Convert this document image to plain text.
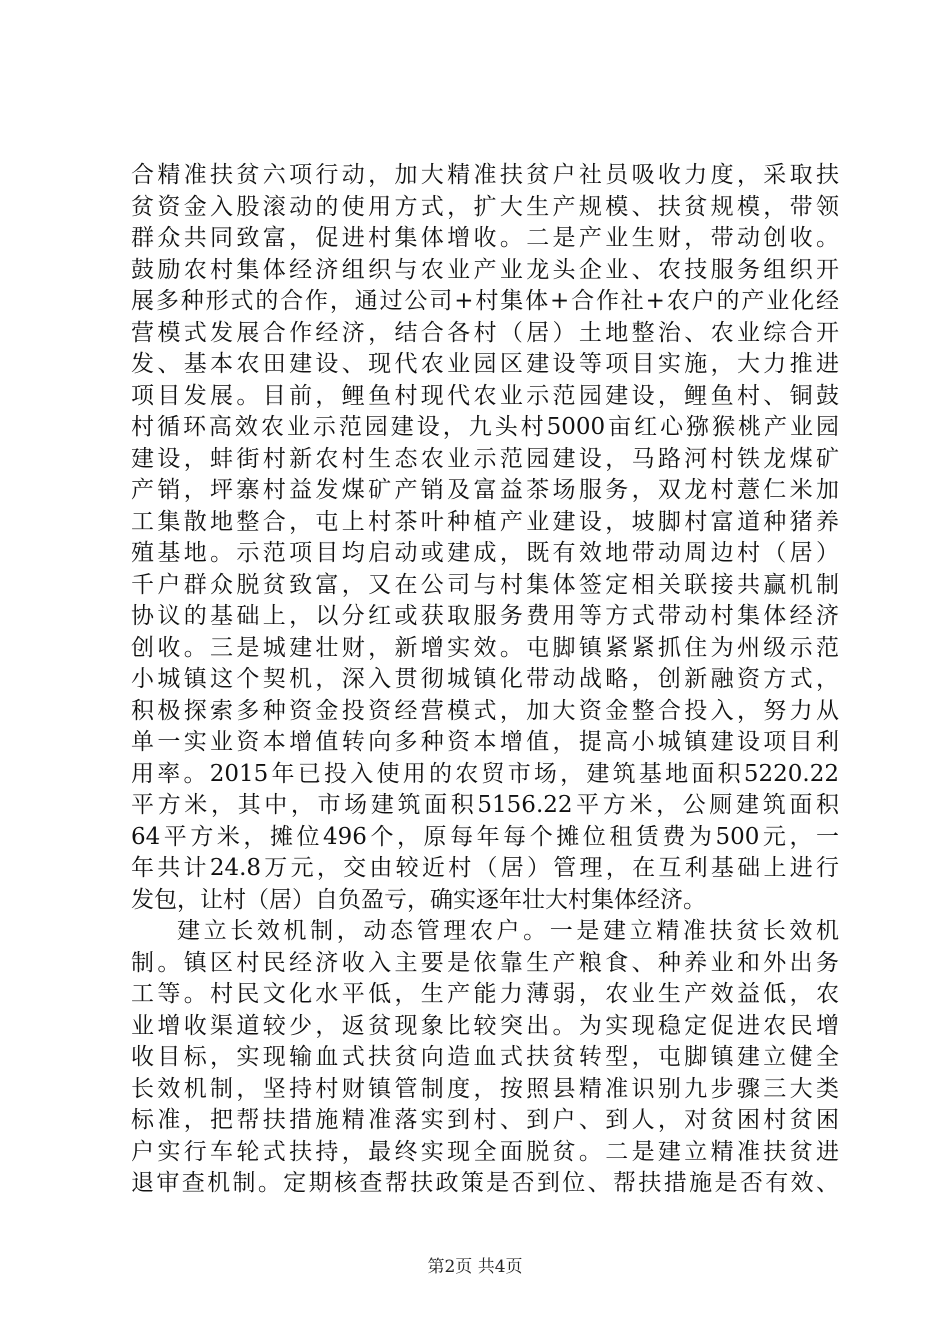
合精准扶贫六项行动，加大精准扶贫户社员吸收力度，采取扶
贫资金入股滚动的使用方式，扩大生产规模、扶贫规模，带领
群众共同致富，促进村集体增收。二是产业生财，带动创收。
鼓励农村集体经济组织与农业产业龙头企业、农技服务组织开
展多种形式的合作，通过公司+村集体+合作社+农户的产业化经
营模式发展合作经济，结合各村（居）土地整治、农业综合开
发、基本农田建设、现代农业园区建设等项目实施，大力推进
项目发展。目前，鲤鱼村现代农业示范园建设，鲤鱼村、铜鼓
村循环高效农业示范园建设，九头村5000亩红心猕猴桃产业园
建设，蚌街村新农村生态农业示范园建设，马路河村铁龙煤矿
产销，坪寨村益发煤矿产销及富益茶场服务，双龙村薏仁米加
工集散地整合，屯上村茶叶种植产业建设，坡脚村富道种猪养
殖基地。示范项目均启动或建成，既有效地带动周边村（居）
千户群众脱贫致富，又在公司与村集体签定相关联接共赢机制
协议的基础上，以分红或获取服务费用等方式带动村集体经济
创收。三是城建壮财，新增实效。屯脚镇紧紧抓住为州级示范
小城镇这个契机，深入贯彻城镇化带动战略，创新融资方式，
积极探索多种资金投资经营模式，加大资金整合投入，努力从
单一实业资本增值转向多种资本增值，提高小城镇建设项目利
用率。2015年已投入使用的农贸市场，建筑基地面积5220.22
平方米，其中，市场建筑面积5156.22平方米，公厕建筑面积
64平方米，摊位496个，原每年每个摊位租赁费为500元，一
年共计24.8万元，交由较近村（居）管理，在互利基础上进行
发包，让村（居）自负盈亏，确实逐年壮大村集体经济。
建立长效机制，动态管理农户。一是建立精准扶贫长效机
制。镇区村民经济收入主要是依靠生产粮食、种养业和外出务
工等。村民文化水平低，生产能力薄弱，农业生产效益低，农
业增收渠道较少，返贫现象比较突出。为实现稳定促进农民增
收目标，实现输血式扶贫向造血式扶贫转型，屯脚镇建立健全
长效机制，坚持村财镇管制度，按照县精准识别九步骤三大类
标准，把帮扶措施精准落实到村、到户、到人，对贫困村贫困
户实行车轮式扶持，最终实现全面脱贫。二是建立精准扶贫进
退审查机制。定期核查帮扶政策是否到位、帮扶措施是否有效、
第2页 共4页
